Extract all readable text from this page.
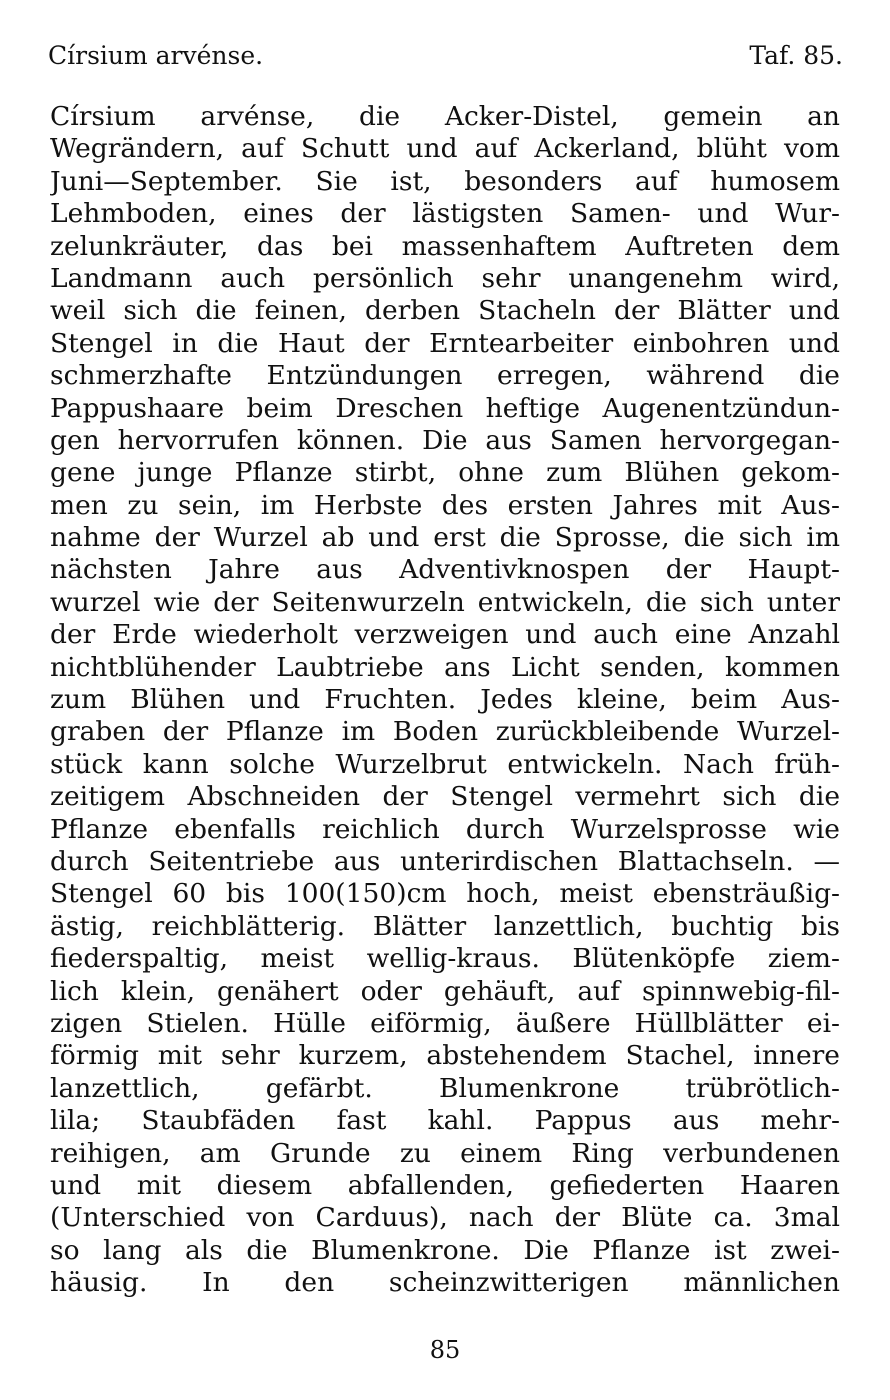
Círsium arvénse.	Taf. 85.
Círsium arvénse, die Acker-Distel, gemein an
Wegrändern, auf Schutt und auf Ackerland, blüht vom
Juni—September. Sie ist, besonders auf humosem
Lehmboden, eines der lästigsten Samen- und Wur-
zelunkräuter, das bei massenhaftem Auftreten dem
Landmann auch persönlich sehr unangenehm wird,
weil sich die feinen, derben Stacheln der Blätter und
Stengel in die Haut der Erntearbeiter einbohren und
schmerzhafte Entzündungen erregen, während die
Pappushaare beim Dreschen heftige Augenentzündun-
gen hervorrufen können. Die aus Samen hervorgegan-
gene junge Pflanze stirbt, ohne zum Blühen gekom-
men zu sein, im Herbste des ersten Jahres mit Aus-
nahme der Wurzel ab und erst die Sprosse, die sich im
nächsten Jahre aus Adventivknospen der Haupt-
wurzel wie der Seitenwurzeln entwickeln, die sich unter
der Erde wiederholt verzweigen und auch eine Anzahl
nichtblühender Laubtriebe ans Licht senden, kommen
zum Blühen und Fruchten. Jedes kleine, beim Aus-
graben der Pflanze im Boden zurückbleibende Wurzel-
stück kann solche Wurzelbrut entwickeln. Nach früh-
zeitigem Abschneiden der Stengel vermehrt sich die
Pflanze ebenfalls reichlich durch Wurzelsprosse wie
durch Seitentriebe aus unterirdischen Blattachseln. —
Stengel 60 bis 100(150)cm hoch, meist ebensträußig-
ästig, reichblätterig. Blätter lanzettlich, buchtig bis
fiederspaltig, meist wellig-kraus. Blütenköpfe ziem-
lich klein, genähert oder gehäuft, auf spinnwebig-fil-
zigen Stielen. Hülle eiförmig, äußere Hüllblätter ei-
förmig mit sehr kurzem, abstehendem Stachel, innere
lanzettlich, gefärbt. Blumenkrone trübrötlich-
lila; Staubfäden fast kahl. Pappus aus mehr-
reihigen, am Grunde zu einem Ring verbundenen
und mit diesem abfallenden, gefiederten Haaren
(Unterschied von Carduus), nach der Blüte ca. 3mal
so lang als die Blumenkrone. Die Pflanze ist zwei-
häusig. In den scheinzwitterigen männlichen
85
